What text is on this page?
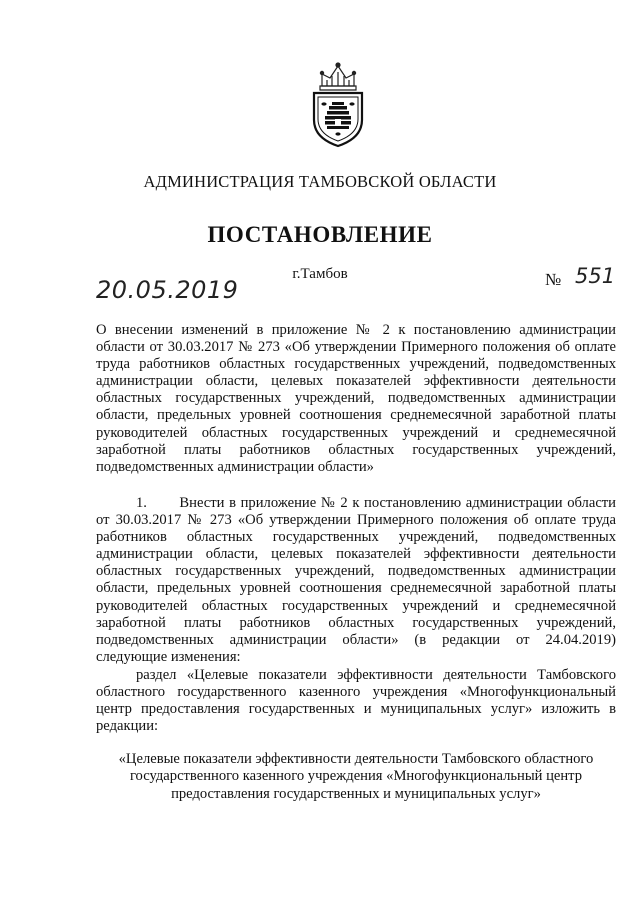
АДМИНИСТРАЦИЯ ТАМБОВСКОЙ ОБЛАСТИ
ПОСТАНОВЛЕНИЕ
20.05.2019
г.Тамбов	№ 551
О внесении изменений в приложение № 2 к постановлению администрации области от 30.03.2017 № 273 «Об утверждении Примерного положения об оплате труда работников областных государственных учреждений, подведомственных администрации области, целевых показателей эффективности деятельности областных государственных учреждений, подведомственных администрации области, предельных уровней соотношения среднемесячной заработной платы руководителей областных государственных учреждений и среднемесячной заработной платы работников областных государственных учреждений, подведомственных администрации области»
1. Внести в приложение № 2 к постановлению администрации области от 30.03.2017 № 273 «Об утверждении Примерного положения об оплате труда работников областных государственных учреждений, подведомственных администрации области, целевых показателей эффективности деятельности областных государственных учреждений, подведомственных администрации области, предельных уровней соотношения среднемесячной заработной платы руководителей областных государственных учреждений и среднемесячной заработной платы работников областных государственных учреждений, подведомственных администрации области» (в редакции от 24.04.2019) следующие изменения:
раздел «Целевые показатели эффективности деятельности Тамбовского областного государственного казенного учреждения «Многофункциональный центр предоставления государственных и муниципальных услуг» изложить в редакции:
«Целевые показатели эффективности деятельности Тамбовского областного государственного казенного учреждения «Многофункциональный центр предоставления государственных и муниципальных услуг»
